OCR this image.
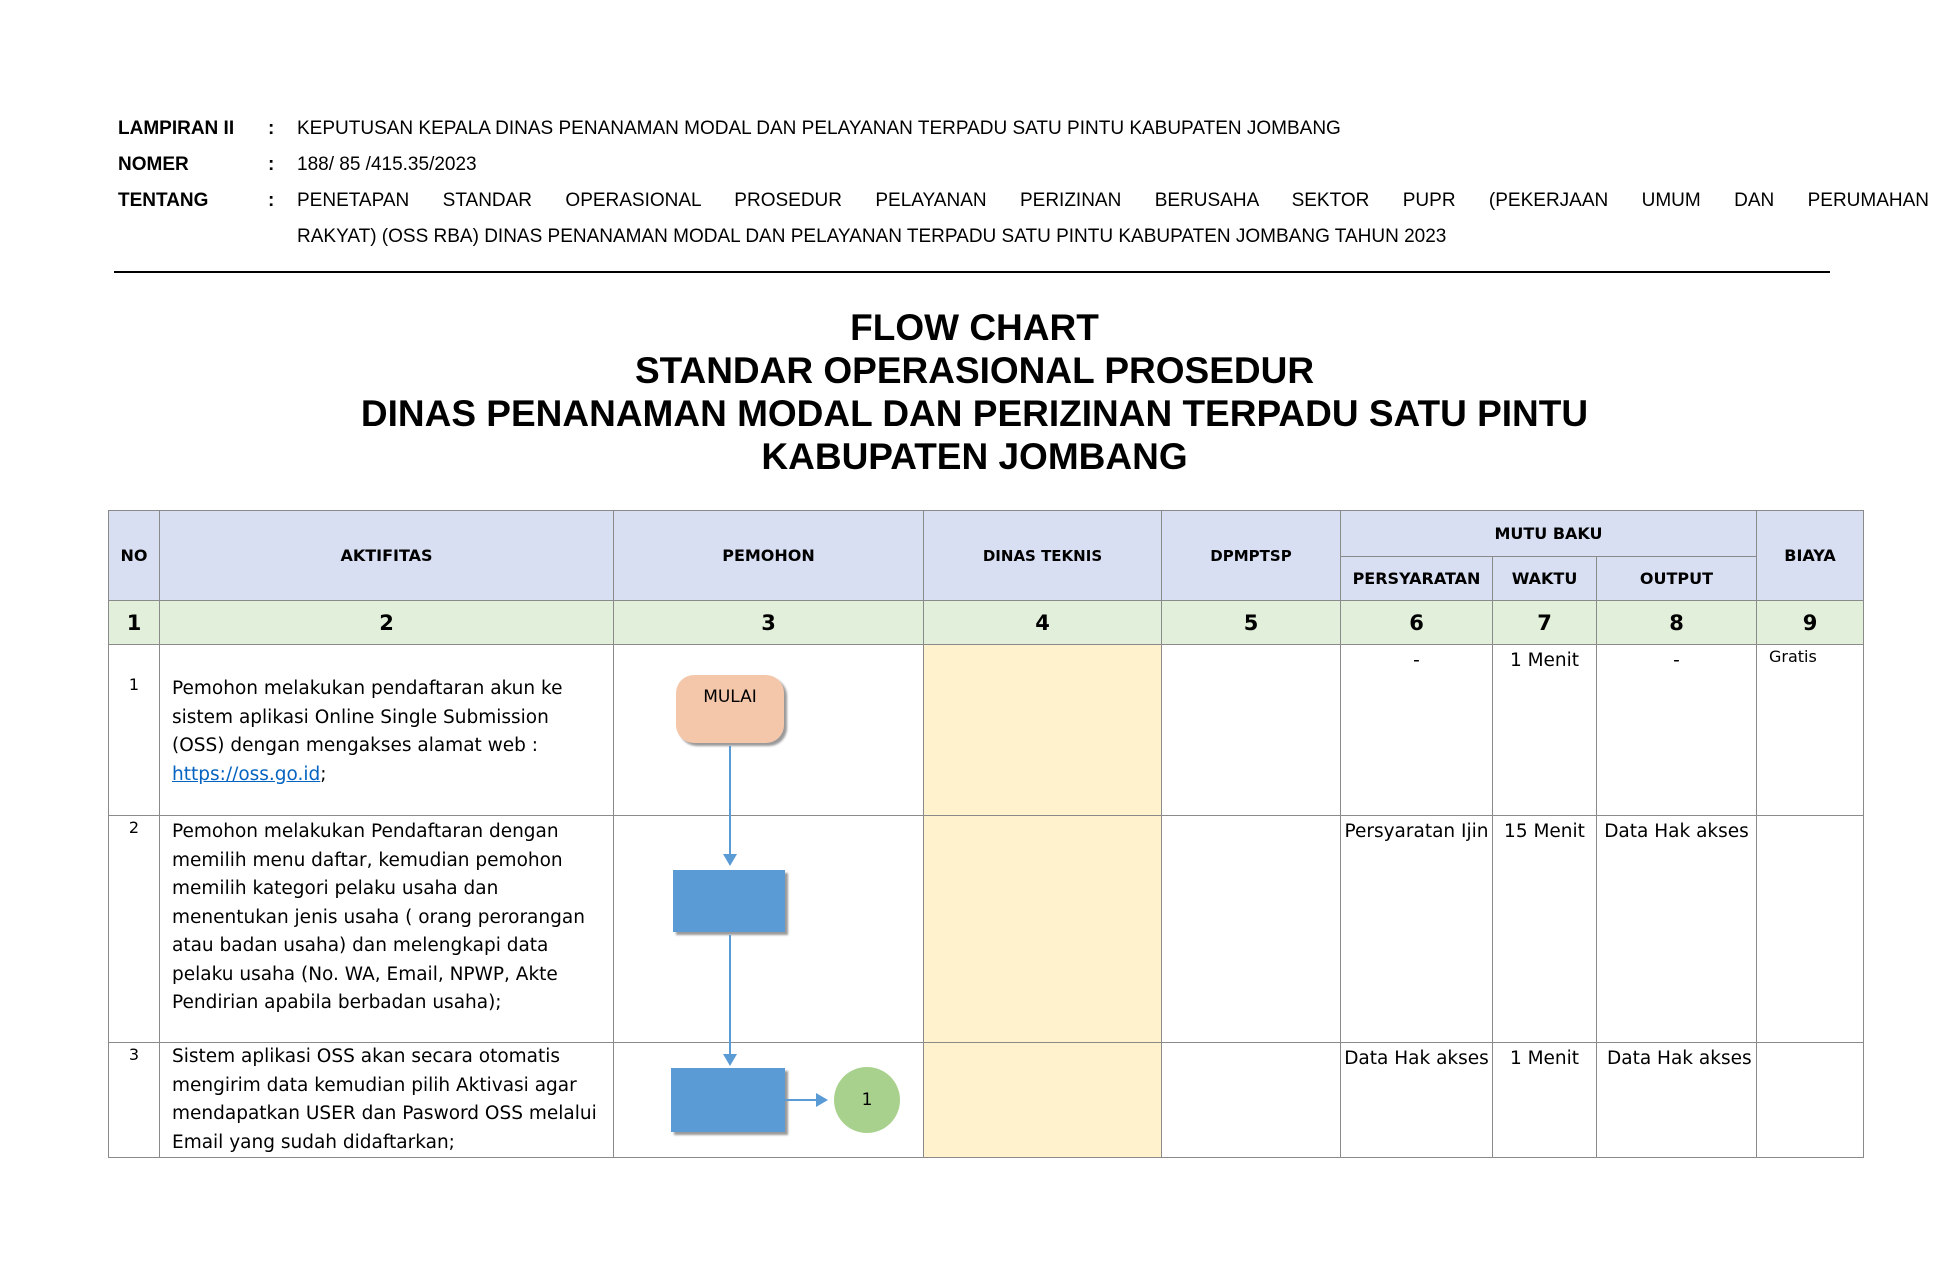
LAMPIRAN II : KEPUTUSAN KEPALA DINAS PENANAMAN MODAL DAN PELAYANAN TERPADU SATU PINTU KABUPATEN JOMBANG
NOMER	: 188/ 85 /415.35/2023
TENTANG	: PENETAPAN STANDAR OPERASIONAL PROSEDUR PELAYANAN PERIZINAN BERUSAHA SEKTOR PUPR (PEKERJAAN UMUM DAN PERUMAHAN
RAKYAT) (OSS RBA) DINAS PENANAMAN MODAL DAN PELAYANAN TERPADU SATU PINTU KABUPATEN JOMBANG TAHUN 2023
FLOW CHART
STANDAR OPERASIONAL PROSEDUR
DINAS PENANAMAN MODAL DAN PERIZINAN TERPADU SATU PINTU
KABUPATEN JOMBANG
NO	AKTIFITAS	PEMOHON	DINAS TEKNIS	DPMPTSP	MUTU BAKU			BIAYA
					PERSYARATAN	WAKTU	OUTPUT	
1	2	3	4	5	6	7	8	9
1	Pemohon melakukan pendaftaran akun ke sistem aplikasi Online Single Submission (OSS) dengan mengakses alamat web : https://oss.go.id;	MULAI			-	1 Menit	-	Gratis
2	Pemohon melakukan Pendaftaran dengan memilih menu daftar, kemudian pemohon memilih kategori pelaku usaha dan menentukan jenis usaha ( orang perorangan atau badan usaha) dan melengkapi data pelaku usaha (No. WA, Email, NPWP, Akte Pendirian apabila berbadan usaha);				Persyaratan Ijin	15 Menit	Data Hak akses	
3	Sistem aplikasi OSS akan secara otomatis mengirim data kemudian pilih Aktivasi agar mendapatkan USER dan Pasword OSS melalui Email yang sudah didaftarkan;	1			Data Hak akses	1 Menit	Data Hak akses	
